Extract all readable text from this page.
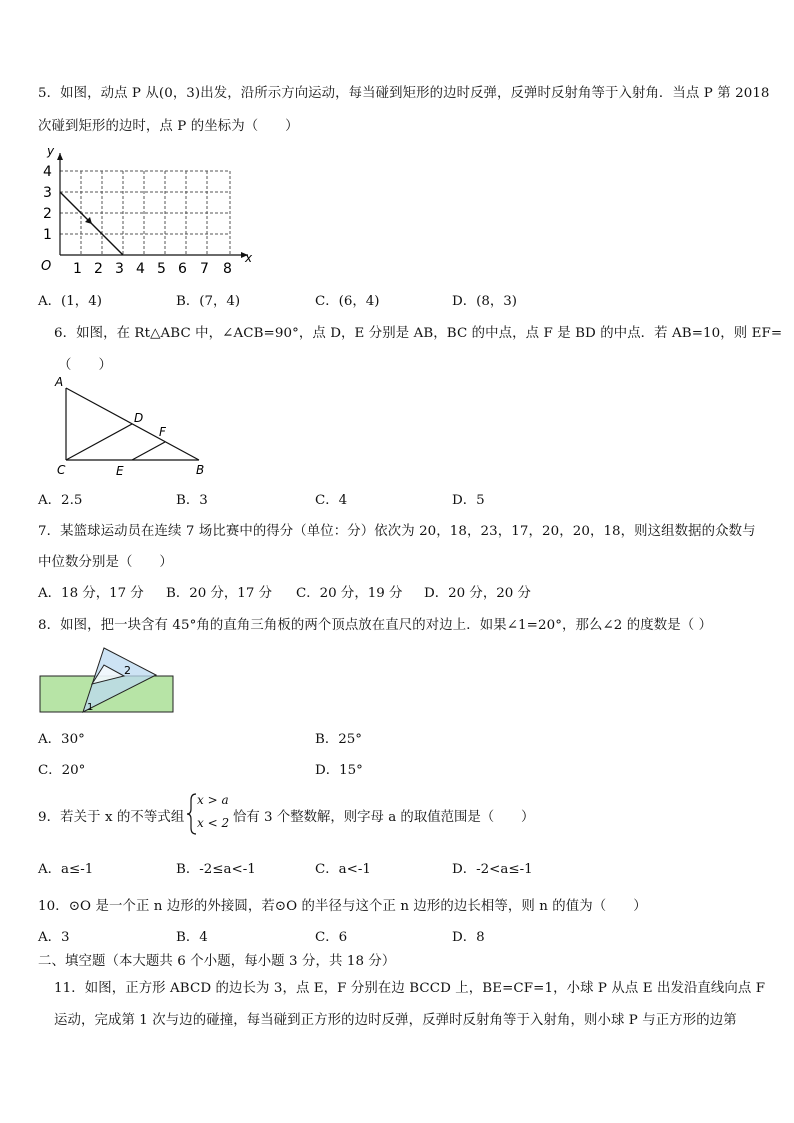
5．如图，动点 P 从(0，3)出发，沿所示方向运动，每当碰到矩形的边时反弹，反弹时反射角等于入射角．当点 P 第 2018
次碰到矩形的边时，点 P 的坐标为（　　）
y
x
O
4
3
2
1
1 2 3 4 5 6 7 8
A．(1，4)	B．(7，4)	C．(6，4)	D．(8，3)
6．如图，在 Rt△ABC 中，∠ACB=90°，点 D，E 分别是 AB，BC 的中点，点 F 是 BD 的中点．若 AB=10，则 EF=
（　　）
A
D
F
C	E	B
A．2.5	B．3	C．4	D．5
7．某篮球运动员在连续 7 场比赛中的得分（单位：分）依次为 20，18，23，17，20，20，18，则这组数据的众数与
中位数分别是（　　）
A．18 分，17 分 B．20 分，17 分 C．20 分，19 分 D．20 分，20 分
8．如图，把一块含有 45°角的直角三角板的两个顶点放在直尺的对边上．如果∠1=20°，那么∠2 的度数是（ ）
2
1
A．30°	B．25°
C．20°	D．15°
9．若关于 x 的不等式组
x > a
x < 2 恰有 3 个整数解，则字母 a 的取值范围是（　　）
A．a≤-1	B．-2≤a<-1	C．a<-1	D．-2<a≤-1
10．⊙O 是一个正 n 边形的外接圆，若⊙O 的半径与这个正 n 边形的边长相等，则 n 的值为（　　）
A．3	B．4	C．6	D．8
二、填空题（本大题共 6 个小题，每小题 3 分，共 18 分）
11．如图，正方形 ABCD 的边长为 3，点 E，F 分别在边 BCCD 上，BE=CF=1，小球 P 从点 E 出发沿直线向点 F
运动，完成第 1 次与边的碰撞，每当碰到正方形的边时反弹，反弹时反射角等于入射角，则小球 P 与正方形的边第
